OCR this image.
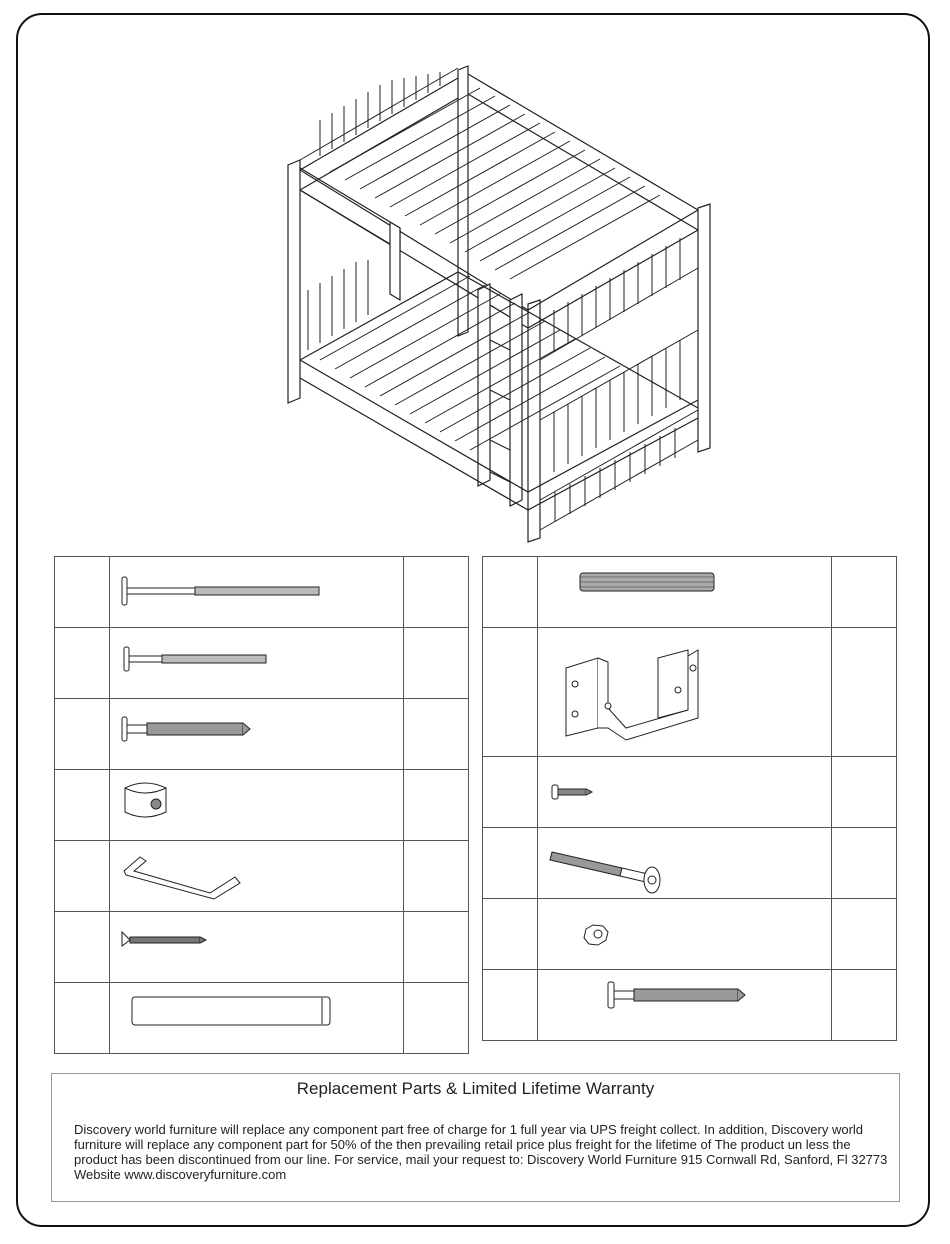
Replacement Parts & Limited Lifetime Warranty

Discovery world furniture will replace any component part free of charge for 1 full year via UPS freight collect. In addition, Discovery world furniture will replace any component part for 50% of the then prevailing retail price plus freight for the lifetime of The product un less the product has been discontinued from our line. For service, mail your request to: Discovery World Furniture 915 Cornwall Rd, Sanford, Fl 32773 Website www.discoveryfurniture.com
